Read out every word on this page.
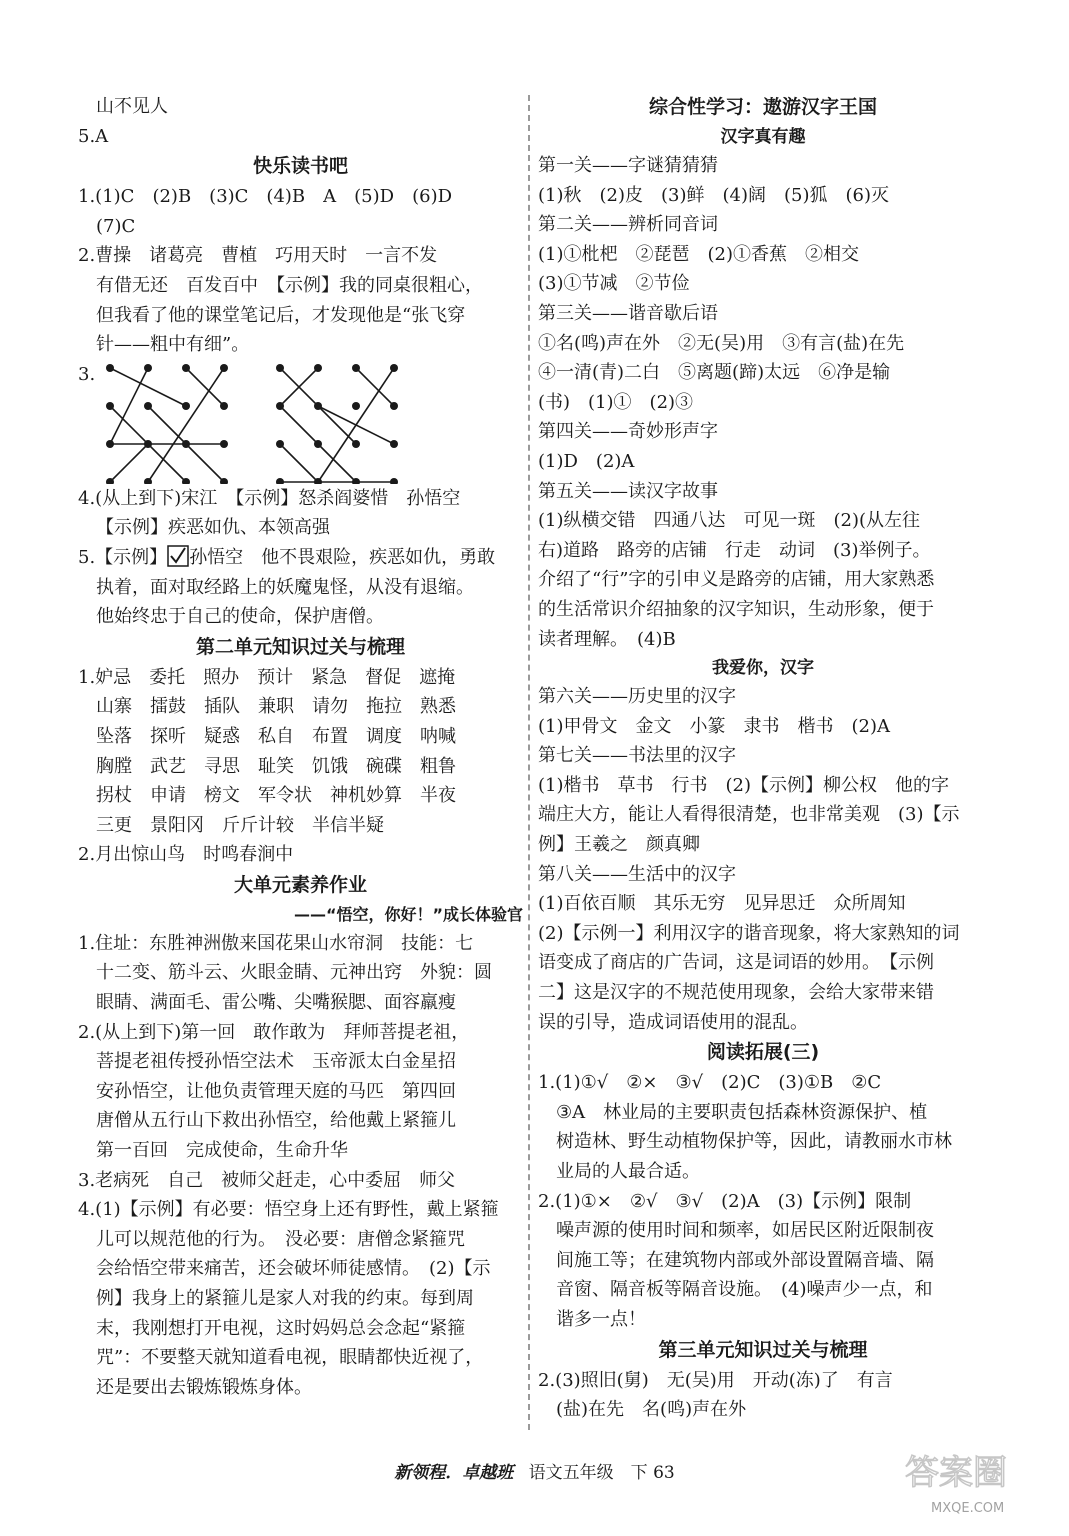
山不见人
5.A
快乐读书吧
1.(1)C　(2)B　(3)C　(4)B　A　(5)D　(6)D
(7)C
2.曹操　诸葛亮　曹植　巧用天时　一言不发
有借无还　百发百中　【示例】我的同桌很粗心，
但我看了他的课堂笔记后，才发现他是“张飞穿
针——粗中有细”。
3.
4.(从上到下)宋江　【示例】怒杀阎婆惜　孙悟空
【示例】疾恶如仇、本领高强
5.【示例】 孙悟空　他不畏艰险，疾恶如仇，勇敢
执着，面对取经路上的妖魔鬼怪，从没有退缩。
他始终忠于自己的使命，保护唐僧。
第二单元知识过关与梳理
1.妒忌　委托　照办　预计　紧急　督促　遮掩
山寨　擂鼓　插队　兼职　请勿　拖拉　熟悉
坠落　探听　疑惑　私自　布置　调度　呐喊
胸膛　武艺　寻思　耻笑　饥饿　碗碟　粗鲁
拐杖　申请　榜文　军令状　神机妙算　半夜
三更　景阳冈　斤斤计较　半信半疑
2.月出惊山鸟　时鸣春涧中
大单元素养作业
——“悟空，你好！”成长体验官
1.住址：东胜神洲傲来国花果山水帘洞　技能：七
十二变、筋斗云、火眼金睛、元神出窍　外貌：圆
眼睛、满面毛、雷公嘴、尖嘴猴腮、面容羸瘦
2.(从上到下)第一回　敢作敢为　拜师菩提老祖，
菩提老祖传授孙悟空法术　玉帝派太白金星招
安孙悟空，让他负责管理天庭的马匹　第四回
唐僧从五行山下救出孙悟空，给他戴上紧箍儿
第一百回　完成使命，生命升华
3.老病死　自己　被师父赶走，心中委屈　师父
4.(1)【示例】有必要：悟空身上还有野性，戴上紧箍
儿可以规范他的行为。　没必要：唐僧念紧箍咒
会给悟空带来痛苦，还会破坏师徒感情。　(2)【示
例】我身上的紧箍儿是家人对我的约束。每到周
末，我刚想打开电视，这时妈妈总会念起“紧箍
咒”：不要整天就知道看电视，眼睛都快近视了，
还是要出去锻炼锻炼身体。
综合性学习：遨游汉字王国
汉字真有趣
第一关——字谜猜猜猜
(1)秋　(2)皮　(3)鲜　(4)阔　(5)狐　(6)灭
第二关——辨析同音词
(1)①枇杷　②琵琶　(2)①香蕉　②相交
(3)①节减　②节俭
第三关——谐音歇后语
①名(鸣)声在外　②无(吴)用　③有言(盐)在先
④一清(青)二白　⑤离题(蹄)太远　⑥净是输
(书)　(1)①　(2)③
第四关——奇妙形声字
(1)D　(2)A
第五关——读汉字故事
(1)纵横交错　四通八达　可见一斑　(2)(从左往
右)道路　路旁的店铺　行走　动词　(3)举例子。
介绍了“行”字的引申义是路旁的店铺，用大家熟悉
的生活常识介绍抽象的汉字知识，生动形象，便于
读者理解。　(4)B
我爱你，汉字
第六关——历史里的汉字
(1)甲骨文　金文　小篆　隶书　楷书　(2)A
第七关——书法里的汉字
(1)楷书　草书　行书　(2)【示例】柳公权　他的字
端庄大方，能让人看得很清楚，也非常美观　(3)【示
例】王羲之　颜真卿
第八关——生活中的汉字
(1)百依百顺　其乐无穷　见异思迁　众所周知
(2)【示例一】利用汉字的谐音现象，将大家熟知的词
语变成了商店的广告词，这是词语的妙用。　【示例
二】这是汉字的不规范使用现象，会给大家带来错
误的引导，造成词语使用的混乱。
阅读拓展(三)
1.(1)①√　②×　③√　(2)C　(3)①B　②C
③A　林业局的主要职责包括森林资源保护、植
树造林、野生动植物保护等，因此，请教丽水市林
业局的人最合适。
2.(1)①×　②√　③√　(2)A　(3)【示例】限制
噪声源的使用时间和频率，如居民区附近限制夜
间施工等；在建筑物内部或外部设置隔音墙、隔
音窗、隔音板等隔音设施。　(4)噪声少一点，和
谐多一点！
第三单元知识过关与梳理
2.(3)照旧(舅)　无(吴)用　开动(冻)了　有言
(盐)在先　名(鸣)声在外
新领程．卓越班 语文五年级　下 63	答案圈
MXQE.COM
